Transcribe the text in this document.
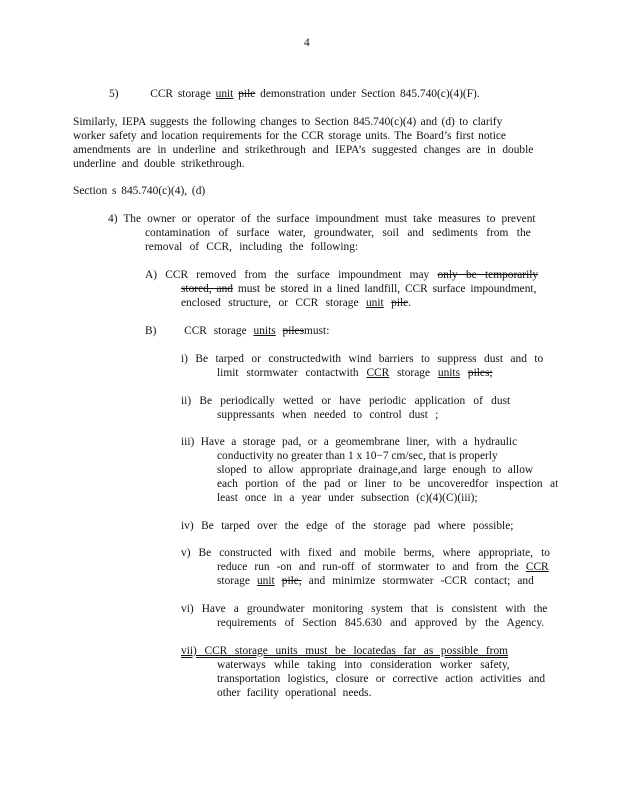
4
5)	CCR storage unit pile demonstration under Section 845.740(c)(4)(F).
Similarly, IEPA suggests the following changes to Section 845.740(c)(4) and (d) to clarify
worker safety and location requirements for the CCR storage units. The Board’s first notice
amendments are in underline and strikethrough and IEPA’s suggested changes are in double
underline and double strikethrough.
Section s 845.740(c)(4), (d)
4) The owner or operator of the surface impoundment must take measures to prevent
contamination of surface water, groundwater, soil and sediments from the
removal of CCR, including the following:
A) CCR removed from the surface impoundment may only be temporarily
stored, and must be stored in a lined landfill, CCR surface impoundment,
enclosed structure, or CCR storage unit pile.
B) CCR storage units pilesmust:
i) Be tarped or constructedwith wind barriers to suppress dust and to
limit stormwater contactwith CCR storage units piles;
ii) Be periodically wetted or have periodic application of dust
suppressants when needed to control dust ;
iii) Have a storage pad, or a geomembrane liner, with a hydraulic
conductivity no greater than 1 x 10−7 cm/sec, that is properly
sloped to allow appropriate drainage,and large enough to allow
each portion of the pad or liner to be uncoveredfor inspection at
least once in a year under subsection (c)(4)(C)(iii);
iv) Be tarped over the edge of the storage pad where possible;
v) Be constructed with fixed and mobile berms, where appropriate, to
reduce run -on and run-off of stormwater to and from the CCR
storage unit pile, and minimize stormwater -CCR contact; and
vi) Have a groundwater monitoring system that is consistent with the
requirements of Section 845.630 and approved by the Agency.
vii) CCR storage units must be locatedas far as possible from
waterways while taking into consideration worker safety,
transportation logistics, closure or corrective action activities and
other facility operational needs.
